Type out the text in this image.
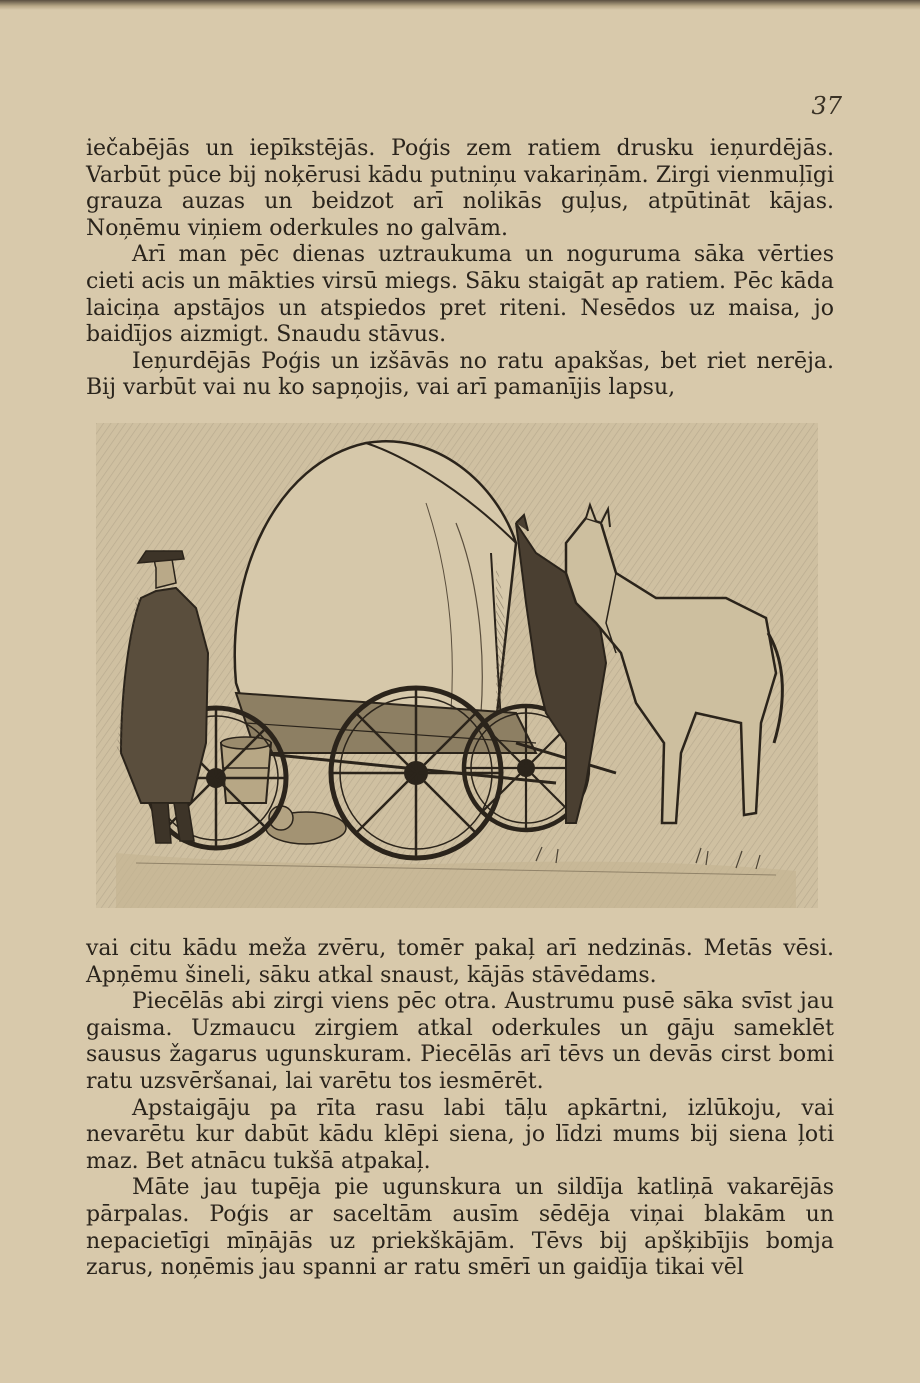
37

iečabējās un iepīkstējās. Poģis zem ratiem drusku ieņurdējās. Varbūt pūce bij noķērusi kādu putniņu vakariņām. Zirgi vienmuļīgi grauza auzas un beidzot arī nolikās guļus, atpūtināt kājas. Noņēmu viņiem oderkules no galvām.

Arī man pēc dienas uztraukuma un noguruma sāka vērties cieti acis un mākties virsū miegs. Sāku staigāt ap ratiem. Pēc kāda laiciņa apstājos un atspiedos pret riteni. Nesēdos uz maisa, jo baidījos aizmigt. Snaudu stāvus.

Ieņurdējās Poģis un izšāvās no ratu apakšas, bet riet nerēja. Bij varbūt vai nu ko sapņojis, vai arī pamanījis lapsu,

vai citu kādu meža zvēru, tomēr pakaļ arī nedzinās. Metās vēsi. Apņēmu šineli, sāku atkal snaust, kājās stāvēdams.

Piecēlās abi zirgi viens pēc otra. Austrumu pusē sāka svīst jau gaisma. Uzmaucu zirgiem atkal oderkules un gāju sameklēt sausus žagarus ugunskuram. Piecēlās arī tēvs un devās cirst bomi ratu uzsvēršanai, lai varētu tos iesmērēt.

Apstaigāju pa rīta rasu labi tāļu apkārtni, izlūkoju, vai nevarētu kur dabūt kādu klēpi siena, jo līdzi mums bij siena ļoti maz. Bet atnācu tukšā atpakaļ.

Māte jau tupēja pie ugunskura un sildīja katliņā vakarējās pārpalas. Poģis ar saceltām ausīm sēdēja viņai blakām un nepacietīgi mīņājās uz priekškājām. Tēvs bij apšķibījis bomja zarus, noņēmis jau spanni ar ratu smērī un gaidīja tikai vēl
